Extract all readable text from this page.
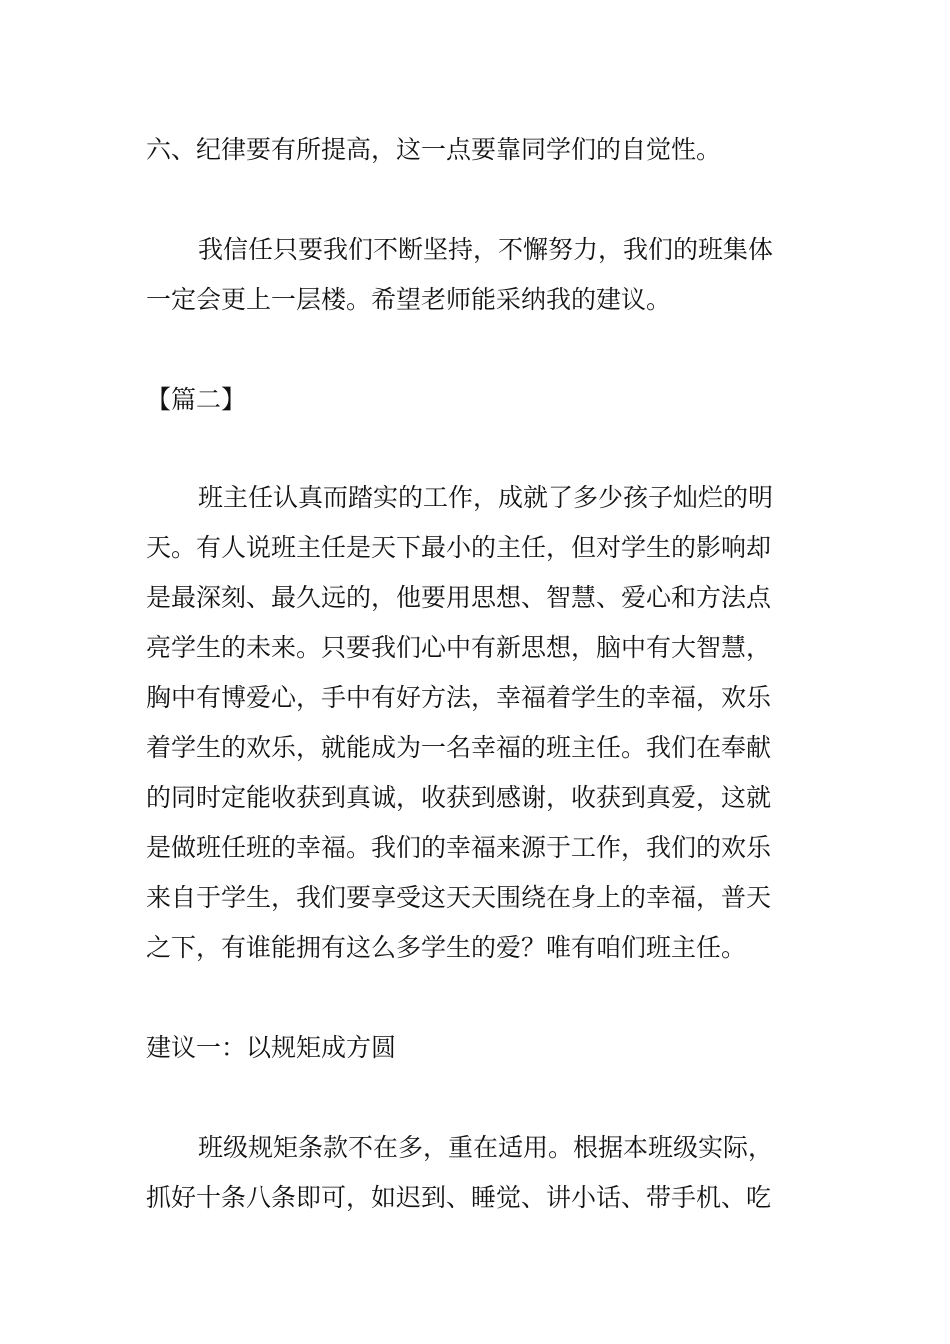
六、纪律要有所提高，这一点要靠同学们的自觉性。

我信任只要我们不断坚持，不懈努力，我们的班集体
一定会更上一层楼。希望老师能采纳我的建议。

【篇二】

班主任认真而踏实的工作，成就了多少孩子灿烂的明
天。有人说班主任是天下最小的主任，但对学生的影响却
是最深刻、最久远的，他要用思想、智慧、爱心和方法点
亮学生的未来。只要我们心中有新思想，脑中有大智慧，
胸中有博爱心，手中有好方法，幸福着学生的幸福，欢乐
着学生的欢乐，就能成为一名幸福的班主任。我们在奉献
的同时定能收获到真诚，收获到感谢，收获到真爱，这就
是做班任班的幸福。我们的幸福来源于工作，我们的欢乐
来自于学生，我们要享受这天天围绕在身上的幸福，普天
之下，有谁能拥有这么多学生的爱？唯有咱们班主任。

建议一：以规矩成方圆

班级规矩条款不在多，重在适用。根据本班级实际，
抓好十条八条即可，如迟到、睡觉、讲小话、带手机、吃
